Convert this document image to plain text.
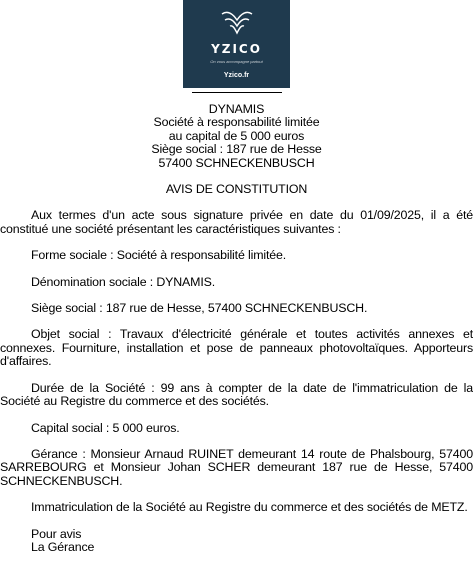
YZICO
On vous accompagne partout
Yzico.fr
DYNAMIS
Société à responsabilité limitée
au capital de 5 000 euros
Siège social : 187 rue de Hesse
57400 SCHNECKENBUSCH
AVIS DE CONSTITUTION

Aux termes d'un acte sous signature privée en date du 01/09/2025, il a été constitué une société présentant les caractéristiques suivantes :

Forme sociale : Société à responsabilité limitée.

Dénomination sociale : DYNAMIS.

Siège social : 187 rue de Hesse, 57400 SCHNECKENBUSCH.

Objet social : Travaux d'électricité générale et toutes activités annexes et connexes. Fourniture, installation et pose de panneaux photovoltaïques. Apporteurs d'affaires.

Durée de la Société : 99 ans à compter de la date de l'immatriculation de la Société au Registre du commerce et des sociétés.

Capital social : 5 000 euros.

Gérance : Monsieur Arnaud RUINET demeurant 14 route de Phalsbourg, 57400 SARREBOURG et Monsieur Johan SCHER demeurant 187 rue de Hesse, 57400 SCHNECKENBUSCH.

Immatriculation de la Société au Registre du commerce et des sociétés de METZ.

Pour avis
La Gérance
